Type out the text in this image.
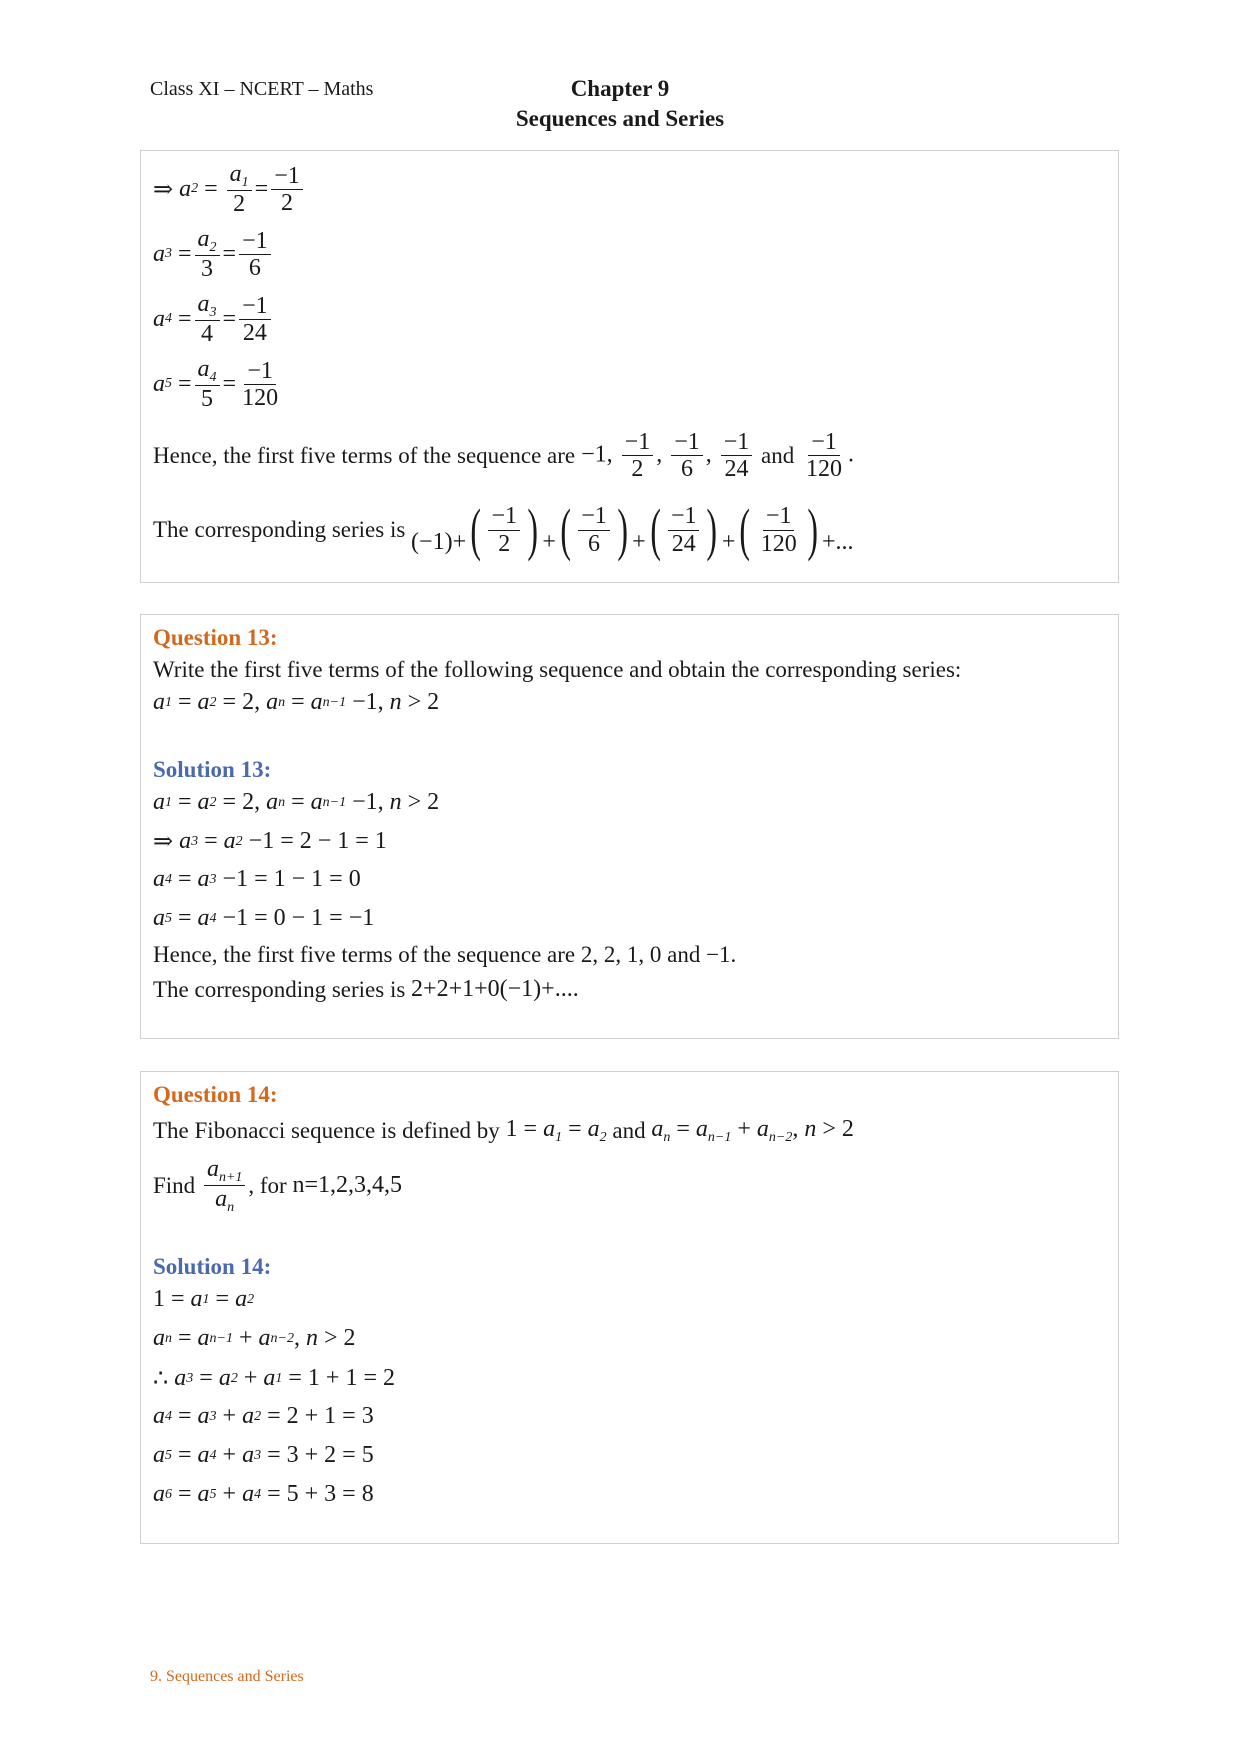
Class XI – NCERT – Maths	Chapter 9
Sequences and Series
⇒ a $2 = \frac{a_1}{2} = \frac{-1}{2}$
a $3 = \frac{a_2}{3} = \frac{-1}{6}$
a $4 = \frac{a_3}{4} = \frac{-1}{24}$
a $5 = \frac{a_4}{5} = \frac{-1}{120}$
Hence, the first five terms of the sequence are −1, $\frac{-1}{2}$ , $\frac{-1}{6}$ , $\frac{-1}{24}$
and
$\frac{-1}{120}$ .
The corresponding series is
(−1)+ ( $\frac{-1}{2}$ ) + ( $\frac{-1}{6}$ ) + ( $\frac{-1}{24}$ ) + ( $\frac{-1}{120}$ ) +...
Question 13:
Write the first five terms of the following sequence and obtain the corresponding series:
a 1 = a 2 = 2, a n = a n−1 −1, n > 2
Solution 13:
a 1 = a 2 = 2, a n = a n−1 −1, n > 2
⇒ a 3 = a 2 −1 = 2 − 1 = 1
a 4 = a 3 −1 = 1 − 1 = 0
a 5 = a 4 −1 = 0 − 1 = −1
Hence, the first five terms of the sequence are 2, 2, 1, 0 and −1.
The corresponding series is
2+2+1+0(−1)+....
Question 14:
The Fibonacci sequence is defined by
$1 = a_1 = a_2$
and
$a_n = a_{n-1} + a_{n-2}$, n > 2
Find
$\frac{a_{n+1}}{a_n}$ , for
n=1,2,3,4,5
Solution 14:
1 = a 1 = a 2
a n = a n−1 + a n−2 , n > 2
∴ a 3 = a 2 + a 1 = 1 + 1 = 2
a 4 = a 3 + a 2 = 2 + 1 = 3
a 5 = a 4 + a 3 = 3 + 2 = 5
a 6 = a 5 + a 4 = 5 + 3 = 8
9. Sequences and Series
